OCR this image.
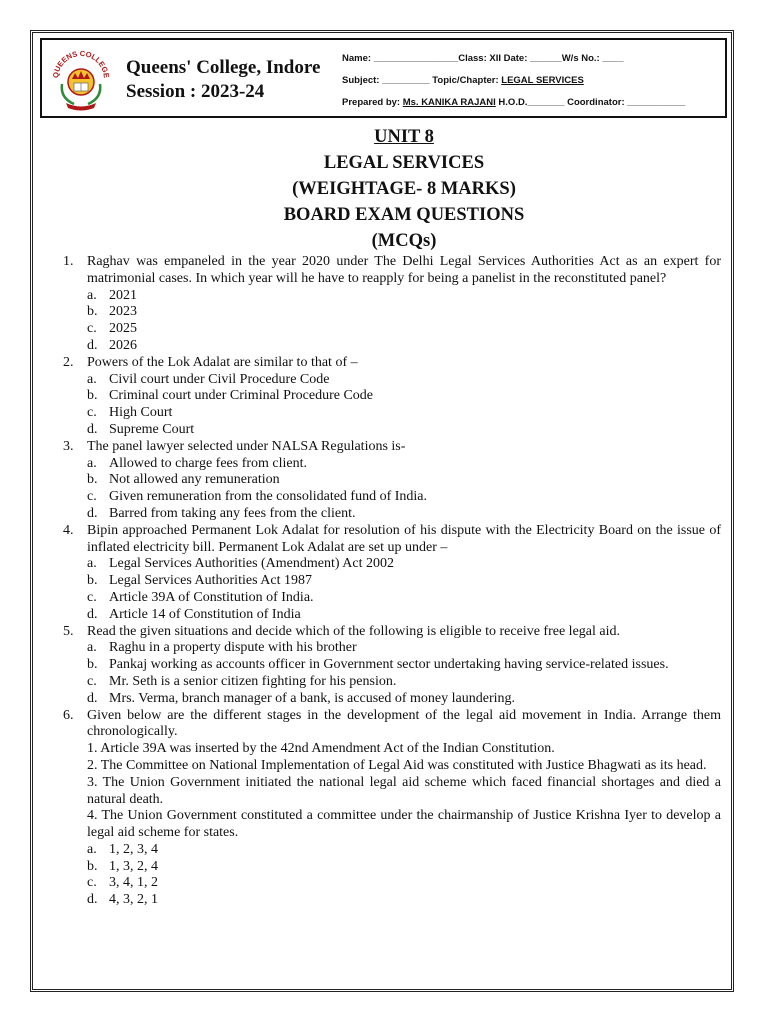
QUEENS COLLEGE Queens' College, Indore
Session : 2023-24
Name: ________________Class: XII Date: ______W/s No.: ____
Subject: _________ Topic/Chapter: LEGAL SERVICES
Prepared by: Ms. KANIKA RAJANI H.O.D._______ Coordinator: ___________
UNIT 8
LEGAL SERVICES
(WEIGHTAGE- 8 MARKS)
BOARD EXAM QUESTIONS
(MCQs)
1. Raghav was empaneled in the year 2020 under The Delhi Legal Services Authorities Act as an expert for matrimonial cases. In which year will he have to reapply for being a panelist in the reconstituted panel?
a. 2021
b. 2023
c. 2025
d. 2026
2. Powers of the Lok Adalat are similar to that of –
a. Civil court under Civil Procedure Code
b. Criminal court under Criminal Procedure Code
c. High Court
d. Supreme Court
3. The panel lawyer selected under NALSA Regulations is-
a. Allowed to charge fees from client.
b. Not allowed any remuneration
c. Given remuneration from the consolidated fund of India.
d. Barred from taking any fees from the client.
4. Bipin approached Permanent Lok Adalat for resolution of his dispute with the Electricity Board on the issue of inflated electricity bill. Permanent Lok Adalat are set up under –
a. Legal Services Authorities (Amendment) Act 2002
b. Legal Services Authorities Act 1987
c. Article 39A of Constitution of India.
d. Article 14 of Constitution of India
5. Read the given situations and decide which of the following is eligible to receive free legal aid.
a. Raghu in a property dispute with his brother
b. Pankaj working as accounts officer in Government sector undertaking having service-related issues.
c. Mr. Seth is a senior citizen fighting for his pension.
d. Mrs. Verma, branch manager of a bank, is accused of money laundering.
6. Given below are the different stages in the development of the legal aid movement in India. Arrange them chronologically.
1. Article 39A was inserted by the 42nd Amendment Act of the Indian Constitution.
2. The Committee on National Implementation of Legal Aid was constituted with Justice Bhagwati as its head.
3. The Union Government initiated the national legal aid scheme which faced financial shortages and died a natural death.
4. The Union Government constituted a committee under the chairmanship of Justice Krishna Iyer to develop a legal aid scheme for states.
a. 1, 2, 3, 4
b. 1, 3, 2, 4
c. 3, 4, 1, 2
d. 4, 3, 2, 1
